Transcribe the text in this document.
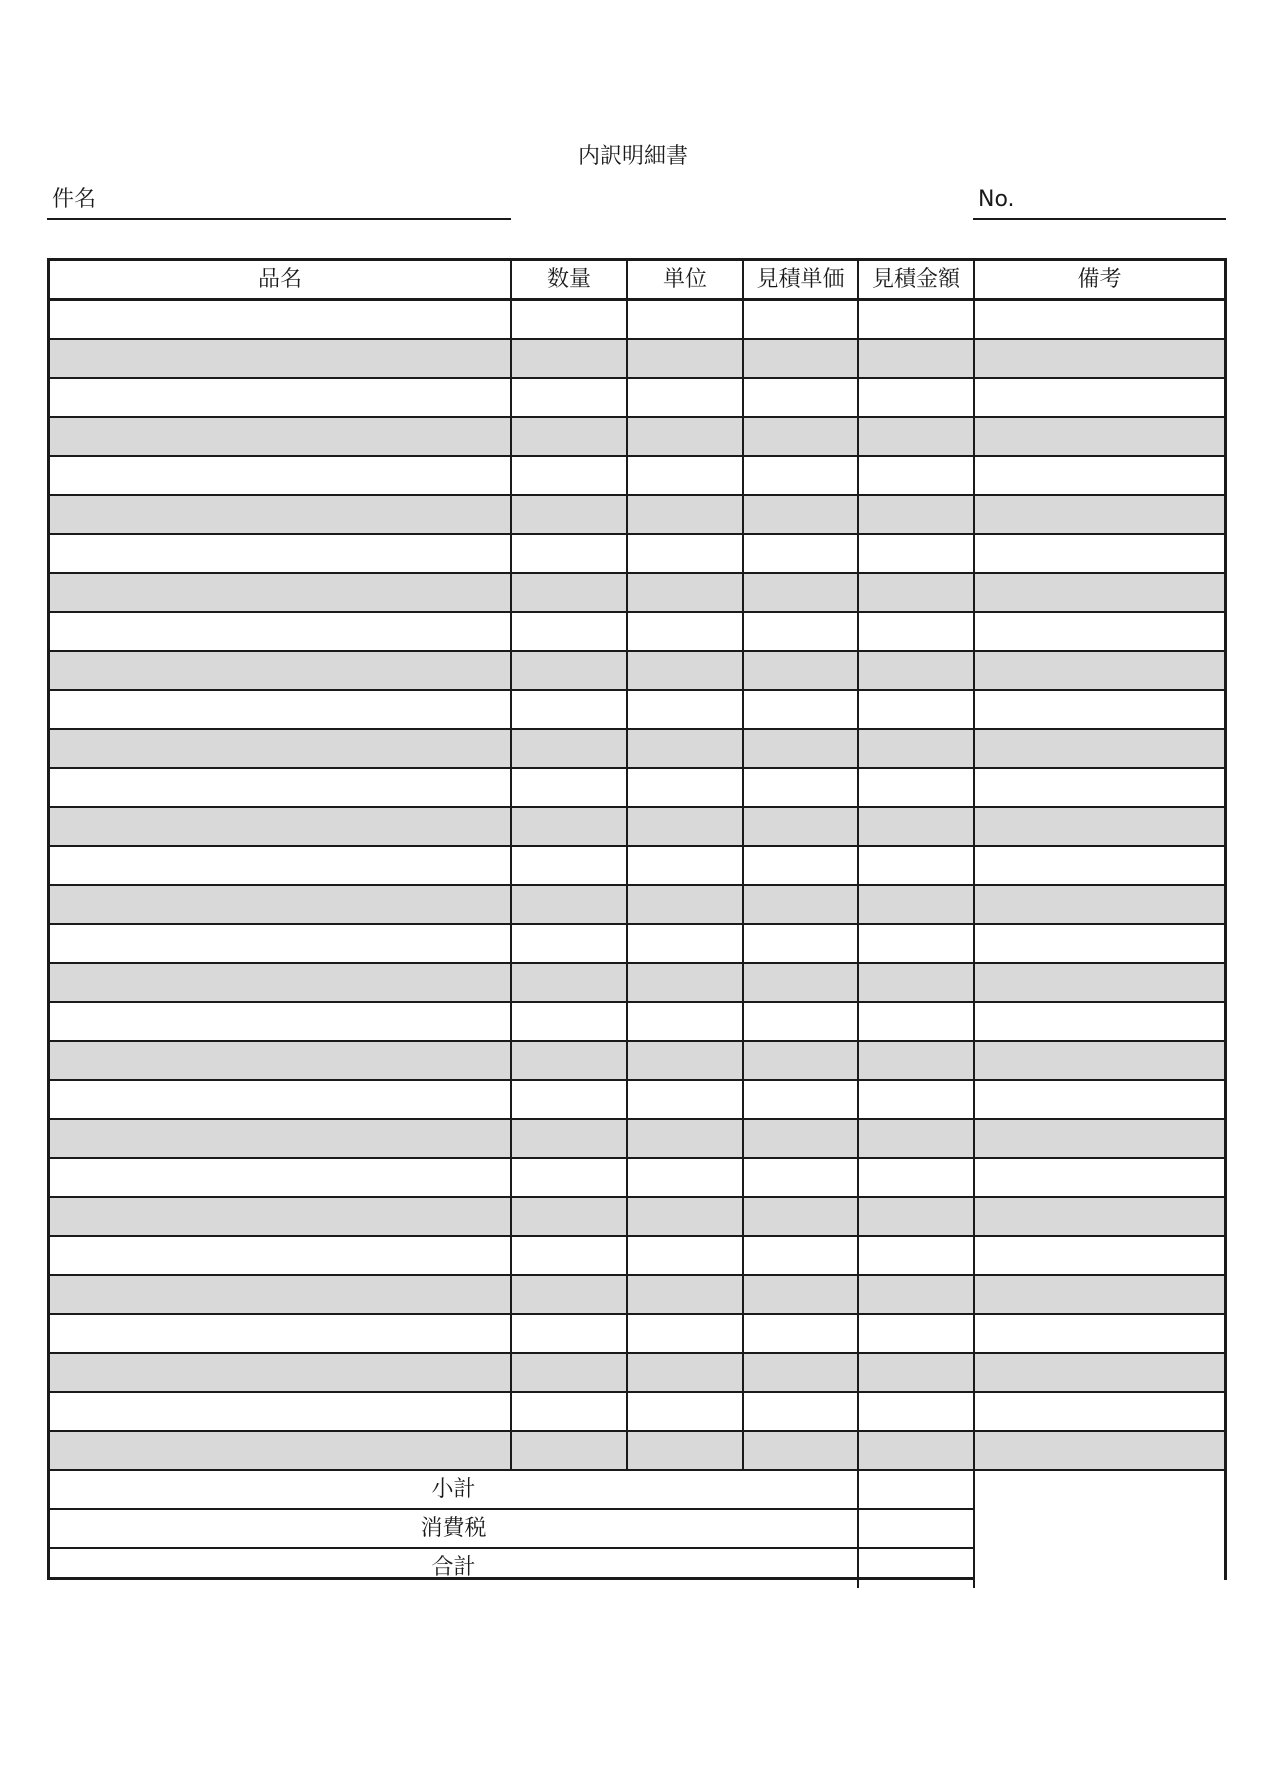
内訳明細書
件名	No.
品名	数量	単位	見積単価	見積金額	備考
小計
消費税
合計
